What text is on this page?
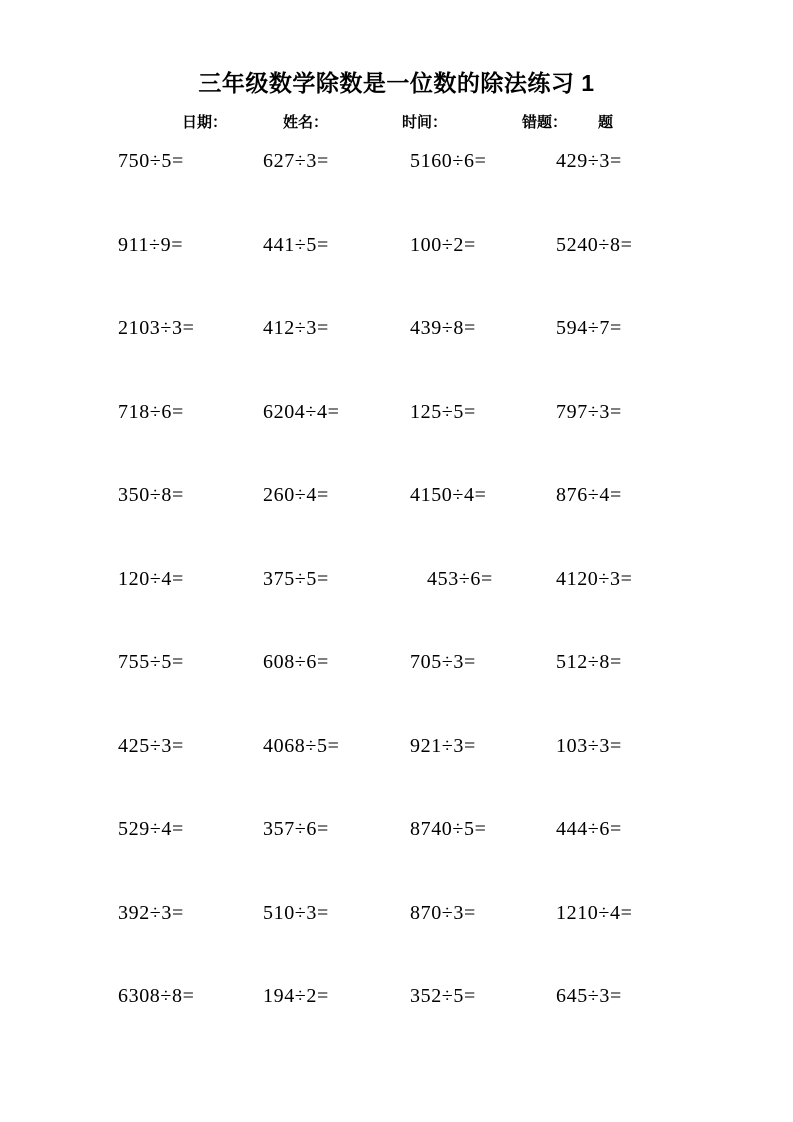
三年级数学除数是一位数的除法练习 1
日期：	姓名：	时间：	错题： 题
750÷5=	627÷3=	5160÷6=	429÷3=
911÷9=	441÷5=	100÷2=	5240÷8=
2103÷3=	412÷3=	439÷8=	594÷7=
718÷6=	6204÷4=	125÷5=	797÷3=
350÷8=	260÷4=	4150÷4=	876÷4=
120÷4=	375÷5=	453÷6=	4120÷3=
755÷5=	608÷6=	705÷3=	512÷8=
425÷3=	4068÷5=	921÷3=	103÷3=
529÷4=	357÷6=	8740÷5=	444÷6=
392÷3=	510÷3=	870÷3=	1210÷4=
6308÷8=	194÷2=	352÷5=	645÷3=
